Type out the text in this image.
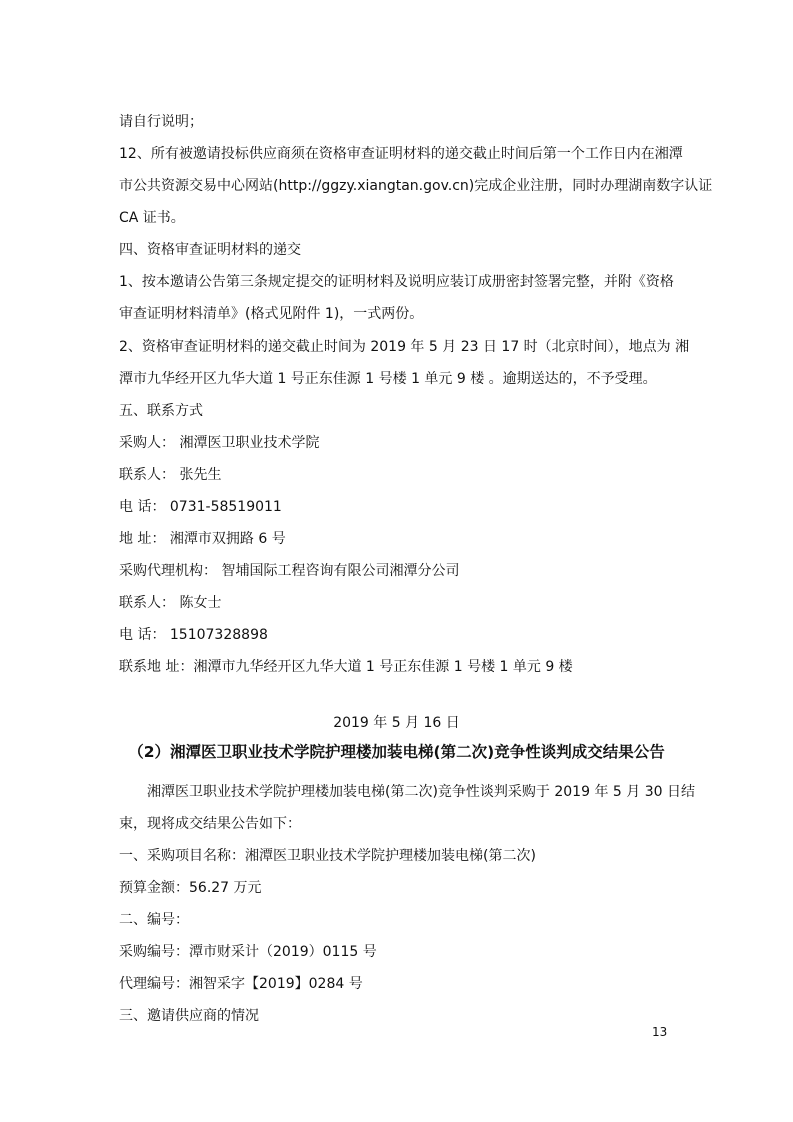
请自行说明；
12、所有被邀请投标供应商须在资格审查证明材料的递交截止时间后第一个工作日内在湘潭
市公共资源交易中心网站(http://ggzy.xiangtan.gov.cn)完成企业注册，同时办理湖南数字认证
CA 证书。
四、资格审查证明材料的递交
1、按本邀请公告第三条规定提交的证明材料及说明应装订成册密封签署完整，并附《资格
审查证明材料清单》(格式见附件 1)，一式两份。
2、资格审查证明材料的递交截止时间为 2019 年 5 月 23 日 17 时（北京时间），地点为 湘
潭市九华经开区九华大道 1 号正东佳源 1 号楼 1 单元 9 楼 。逾期送达的，不予受理。
五、联系方式
采购人： 湘潭医卫职业技术学院
联系人： 张先生
电 话： 0731-58519011
地 址： 湘潭市双拥路 6 号
采购代理机构： 智埔国际工程咨询有限公司湘潭分公司
联系人： 陈女士
电 话： 15107328898
联系地 址：湘潭市九华经开区九华大道 1 号正东佳源 1 号楼 1 单元 9 楼
2019 年 5 月 16 日
（2）湘潭医卫职业技术学院护理楼加装电梯(第二次)竞争性谈判成交结果公告
湘潭医卫职业技术学院护理楼加装电梯(第二次)竞争性谈判采购于 2019 年 5 月 30 日结
束，现将成交结果公告如下：
一、采购项目名称：湘潭医卫职业技术学院护理楼加装电梯(第二次)
预算金额：56.27 万元
二、编号：
采购编号：潭市财采计（2019）0115 号
代理编号：湘智采字【2019】0284 号
三、邀请供应商的情况
13
